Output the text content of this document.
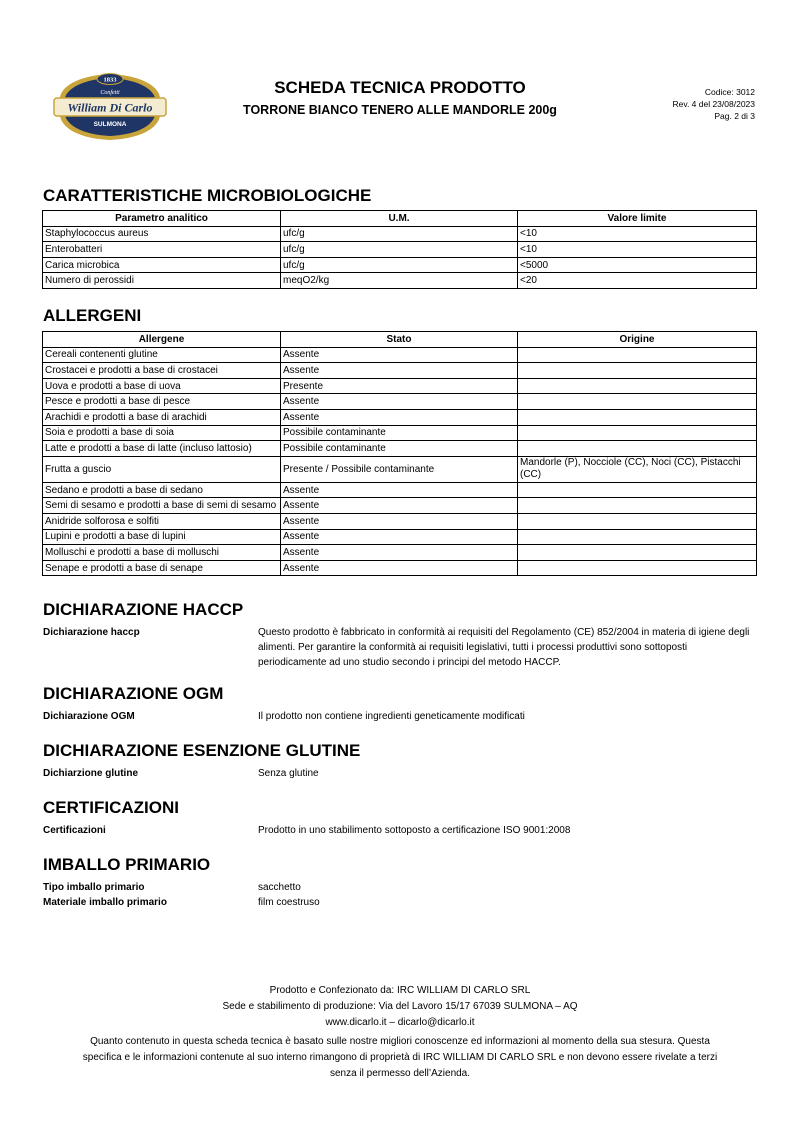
1833
Confetti
William Di Carlo
SULMONA
SCHEDA TECNICA PRODOTTO
TORRONE BIANCO TENERO ALLE MANDORLE 200g
Codice: 3012
Rev. 4 del 23/08/2023
Pag. 2 di 3
CARATTERISTICHE MICROBIOLOGICHE
Parametro analitico	U.M.	Valore limite
Staphylococcus aureus	ufc/g	<10
Enterobatteri	ufc/g	<10
Carica microbica	ufc/g	<5000
Numero di perossidi	meqO2/kg	<20
ALLERGENI
Allergene	Stato	Origine
Cereali contenenti glutine	Assente	
Crostacei e prodotti a base di crostacei	Assente	
Uova e prodotti a base di uova	Presente	
Pesce e prodotti a base di pesce	Assente	
Arachidi e prodotti a base di arachidi	Assente	
Soia e prodotti a base di soia	Possibile contaminante	
Latte e prodotti a base di latte (incluso lattosio)	Possibile contaminante	
Frutta a guscio	Presente / Possibile contaminante	Mandorle (P), Nocciole (CC), Noci (CC), Pistacchi (CC)
Sedano e prodotti a base di sedano	Assente	
Semi di sesamo e prodotti a base di semi di sesamo	Assente	
Anidride solforosa e solfiti	Assente	
Lupini e prodotti a base di lupini	Assente	
Molluschi e prodotti a base di molluschi	Assente	
Senape e prodotti a base di senape	Assente	
DICHIARAZIONE HACCP
Dichiarazione haccp	Questo prodotto è fabbricato in conformità ai requisiti del Regolamento (CE) 852/2004 in materia di igiene degli alimenti. Per garantire la conformità ai requisiti legislativi, tutti i processi produttivi sono sottoposti periodicamente ad uno studio secondo i principi del metodo HACCP.
DICHIARAZIONE OGM
Dichiarazione OGM	Il prodotto non contiene ingredienti geneticamente modificati
DICHIARAZIONE ESENZIONE GLUTINE
Dichiarzione glutine	Senza glutine
CERTIFICAZIONI
Certificazioni	Prodotto in uno stabilimento sottoposto a certificazione ISO 9001:2008
IMBALLO PRIMARIO
Tipo imballo primario	sacchetto
Materiale imballo primario	film coestruso
Prodotto e Confezionato da: IRC WILLIAM DI CARLO SRL
Sede e stabilimento di produzione: Via del Lavoro 15/17 67039 SULMONA – AQ
www.dicarlo.it – dicarlo@dicarlo.it
Quanto contenuto in questa scheda tecnica è basato sulle nostre migliori conoscenze ed informazioni al momento della sua stesura. Questa specifica e le informazioni contenute al suo interno rimangono di proprietà di IRC WILLIAM DI CARLO SRL e non devono essere rivelate a terzi senza il permesso dell’Azienda.
